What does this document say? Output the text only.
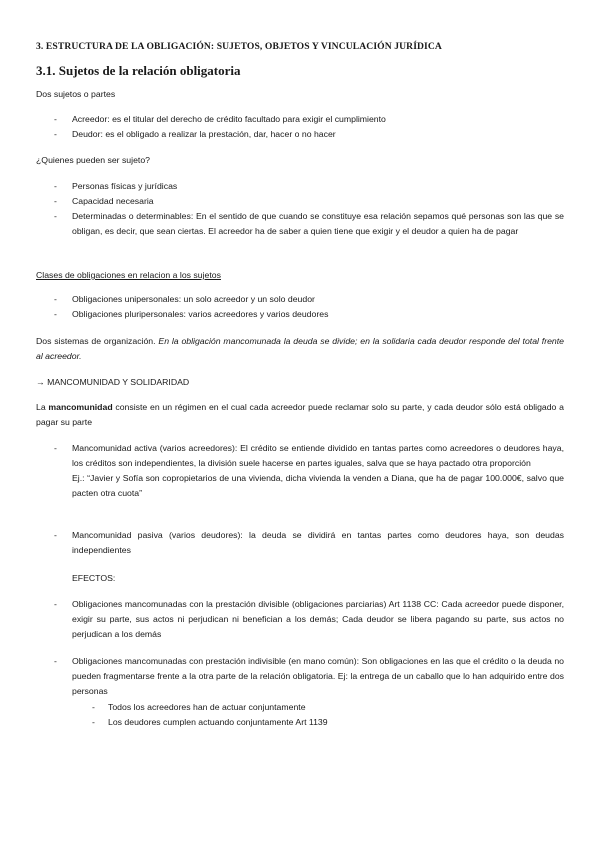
3. ESTRUCTURA DE LA OBLIGACIÓN: SUJETOS, OBJETOS Y VINCULACIÓN JURÍDICA

3.1. Sujetos de la relación obligatoria

Dos sujetos o partes

- Acreedor: es el titular del derecho de crédito facultado para exigir el cumplimiento
- Deudor: es el obligado a realizar la prestación, dar, hacer o no hacer

¿Quienes pueden ser sujeto?

- Personas físicas y jurídicas
- Capacidad necesaria
- Determinadas o determinables: En el sentido de que cuando se constituye esa relación sepamos qué personas son las que se obligan, es decir, que sean ciertas. El acreedor ha de saber a quien tiene que exigir y el deudor a quien ha de pagar

Clases de obligaciones en relacion a los sujetos

- Obligaciones unipersonales: un solo acreedor y un solo deudor
- Obligaciones pluripersonales: varios acreedores y varios deudores

Dos sistemas de organización. En la obligación mancomunada la deuda se divide; en la solidaria cada deudor responde del total frente al acreedor.

→ MANCOMUNIDAD Y SOLIDARIDAD

La mancomunidad consiste en un régimen en el cual cada acreedor puede reclamar solo su parte, y cada deudor sólo está obligado a pagar su parte

- Mancomunidad activa (varios acreedores): El crédito se entiende dividido en tantas partes como acreedores o deudores haya, los créditos son independientes, la división suele hacerse en partes iguales, salva que se haya pactado otra proporción
Ej.: “Javier y Sofía son copropietarios de una vivienda, dicha vivienda la venden a Diana, que ha de pagar 100.000€, salvo que pacten otra cuota”
- Mancomunidad pasiva (varios deudores): la deuda se dividirá en tantas partes como deudores haya, son deudas independientes

EFECTOS:

- Obligaciones mancomunadas con la prestación divisible (obligaciones parciarias) Art 1138 CC: Cada acreedor puede disponer, exigir su parte, sus actos ni perjudican ni benefician a los demás; Cada deudor se libera pagando su parte, sus actos no perjudican a los demás
- Obligaciones mancomunadas con prestación indivisible (en mano común): Son obligaciones en las que el crédito o la deuda no pueden fragmentarse frente a la otra parte de la relación obligatoria. Ej: la entrega de un caballo que lo han adquirido entre dos personas
- Todos los acreedores han de actuar conjuntamente
- Los deudores cumplen actuando conjuntamente Art 1139
